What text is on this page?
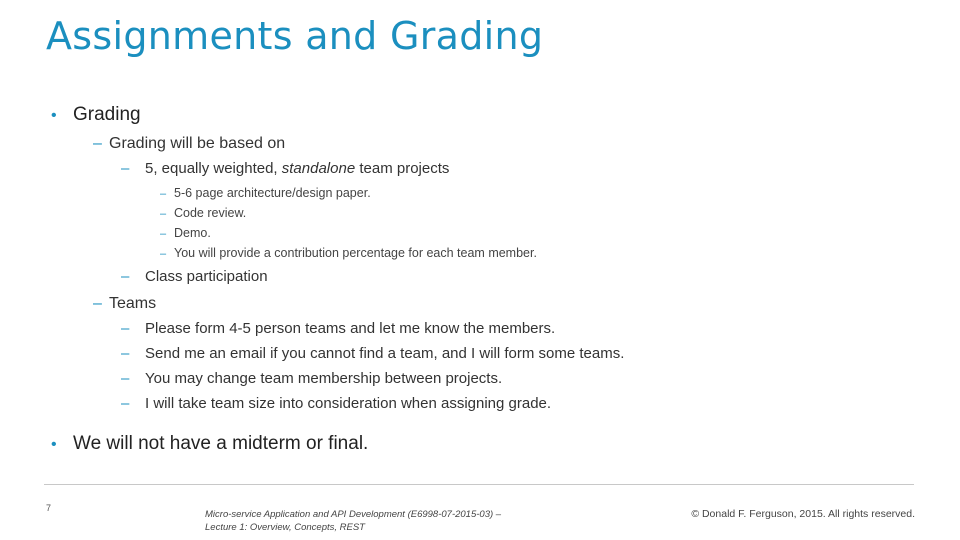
Assignments and Grading
• Grading
– Grading will be based on
– 5, equally weighted, standalone team projects
– 5-6 page architecture/design paper.
– Code review.
– Demo.
– You will provide a contribution percentage for each team member.
– Class participation
– Teams
– Please form 4-5 person teams and let me know the members.
– Send me an email if you cannot find a team, and I will form some teams.
– You may change team membership between projects.
– I will take team size into consideration when assigning grade.
• We will not have a midterm or final.
7
Micro-service Application and API Development (E6998-07-2015-03) –
Lecture 1: Overview, Concepts, REST
© Donald F. Ferguson, 2015. All rights reserved.
